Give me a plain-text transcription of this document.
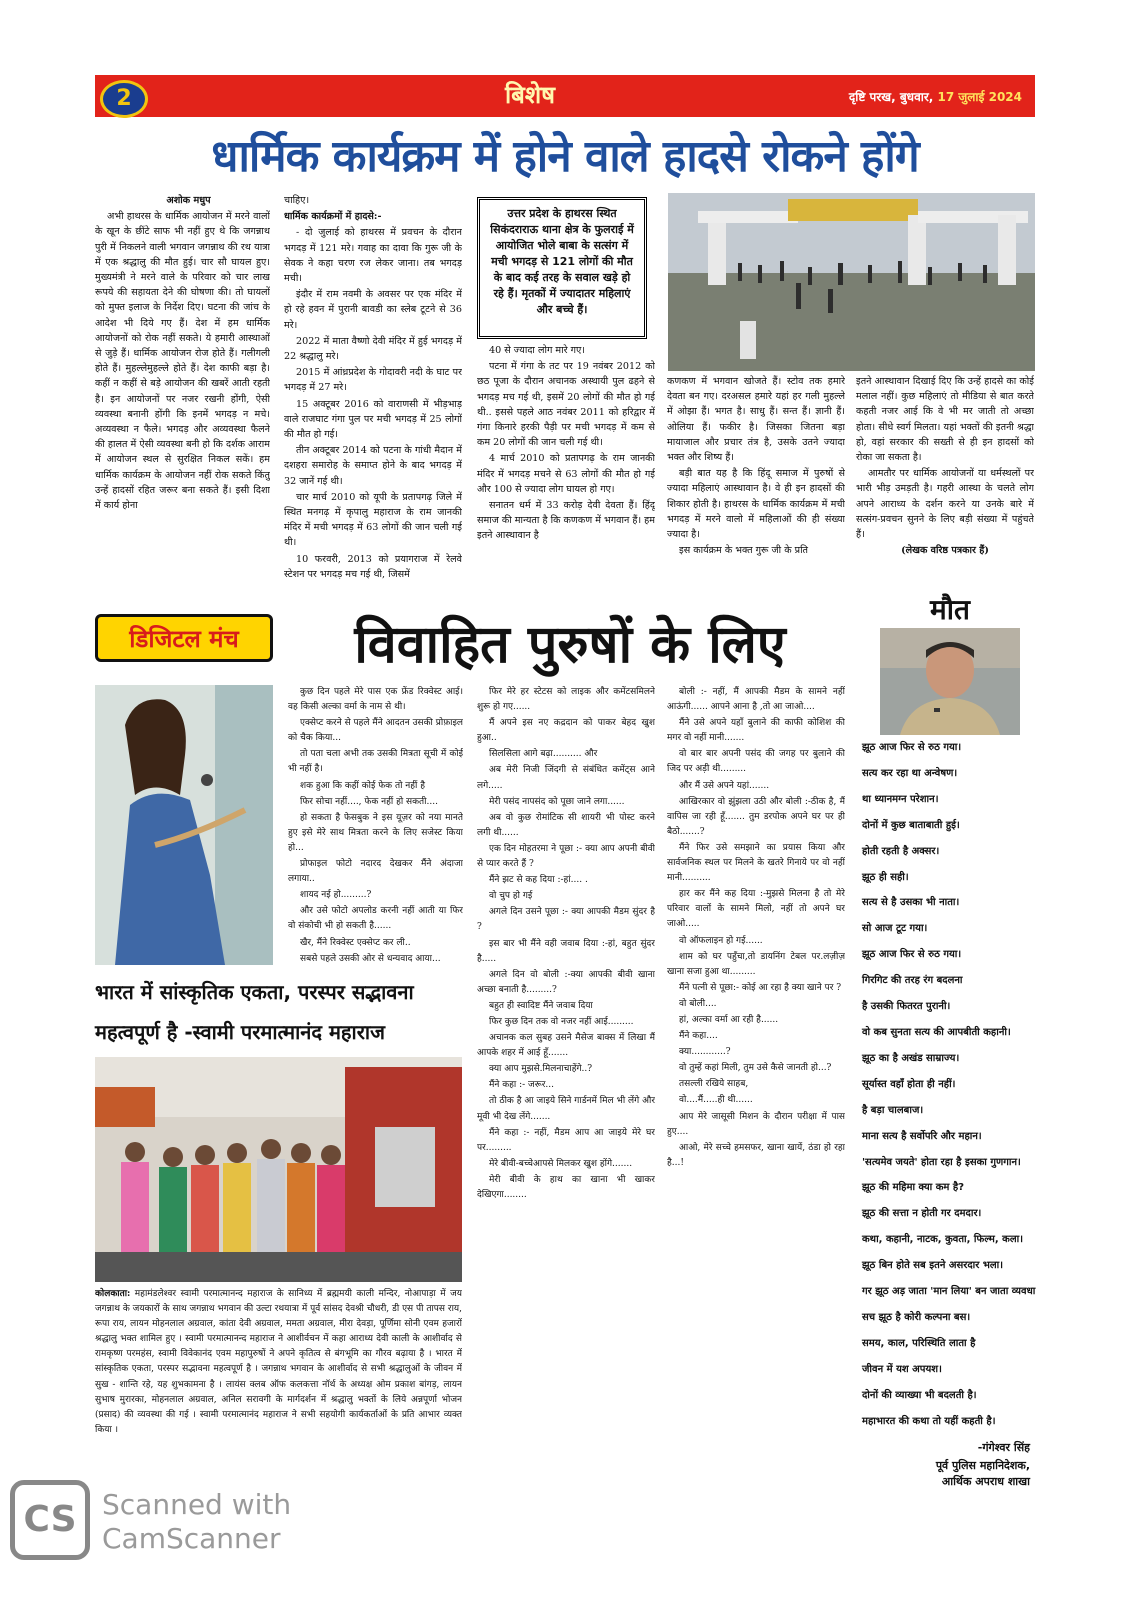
2	बिशेष	दृष्टि परख, बुधवार, 17 जुलाई 2024
धार्मिक कार्यक्रम में होने वाले हादसे रोकने होंगे

अशोक मधुप

अभी हाथरस के धार्मिक आयोजन में मरने वालों के खून के छींटे साफ भी नहीं हुए थे कि जगन्नाथ पुरी में निकलने वाली भगवान जगन्नाथ की रथ यात्रा में एक श्रद्धालु की मौत हुई। चार सौ घायल हुए। मुख्यमंत्री ने मरने वाले के परिवार को चार लाख रूपये की सहायता देने की घोषणा की। तो घायलों को मुफ्त इलाज के निर्देश दिए। घटना की जांच के आदेश भी दिये गए हैं। देश में हम धार्मिक आयोजनों को रोक नहीं सकते। ये हमारी आस्थाओं से जुड़े हैं। धार्मिक आयोजन रोज होते हैं। गलीगली होते हैं। मुहल्लेमुहल्ले होते हैं। देश काफी बड़ा है। कहीं न कहीं से बड़े आयोजन की खबरें आती रहती है। इन आयोजनों पर नजर रखनी होंगी, ऐसी व्यवस्था बनानी होंगी कि इनमें भगदड़ न मचे। अव्यवस्था न फैले। भगदड़ और अव्यवस्था फैलने की हालत में ऐसी व्यवस्था बनी हो कि दर्शक आराम में आयोजन स्थल से सुरक्षित निकल सकें। हम धार्मिक कार्यक्रम के आयोजन नहीं रोक सकते किंतु उन्हें हादसों रहित जरूर बना सकते हैं। इसी दिशा में कार्य होना

चाहिए।

धार्मिक कार्यक्रमों में हादसे:-

- दो जुलाई को हाथरस में प्रवचन के दौरान भगदड़ में 121 मरे। गवाह का दावा कि गुरू जी के सेवक ने कहा चरण रज लेकर जाना। तब भगदड़ मची।

इंदौर में राम नवमी के अवसर पर एक मंदिर में हो रहे हवन में पुरानी बावडी का स्लेब टूटने से 36 मरे।

2022 में माता वैष्णो देवी मंदिर में हुई भगदड़ में 22 श्रद्धालु मरे।

2015 में आंध्रप्रदेश के गोदावरी नदी के घाट पर भगदड़ में 27 मरे।

15 अक्टूबर 2016 को वाराणसी में भीड़भाड़ वाले राजघाट गंगा पुल पर मची भगदड़ में 25 लोगों की मौत हो गई।

तीन अक्टूबर 2014 को पटना के गांधी मैदान में दशहरा समारोह के समाप्त होने के बाद भगदड़ में 32 जानें गई थी।

चार मार्च 2010 को यूपी के प्रतापगढ़ जिले में स्थित मनगढ़ में कृपालु महाराज के राम जानकी मंदिर में मची भगदड़ में 63 लोगों की जान चली गई थी।

10 फरवरी, 2013 को प्रयागराज में रेलवे स्टेशन पर भगदड़ मच गई थी, जिसमें

उत्तर प्रदेश के हाथरस स्थित सिकंदराराऊ थाना क्षेत्र के फुलराई में आयोजित भोले बाबा के सत्संग में मची भगदड़ से 121 लोगों की मौत के बाद कई तरह के सवाल खड़े हो रहे हैं। मृतकों में ज्यादातर महिलाएं और बच्चे हैं।

40 से ज्यादा लोग मारे गए।

पटना में गंगा के तट पर 19 नवंबर 2012 को छठ पूजा के दौरान अचानक अस्थायी पुल ढहने से भगदड़ मच गई थी, इसमें 20 लोगों की मौत हो गई थी.. इससे पहले आठ नवंबर 2011 को हरिद्वार में गंगा किनारे हरकी पैड़ी पर मची भगदड़ में कम से कम 20 लोगों की जान चली गई थी।

4 मार्च 2010 को प्रतापगढ़ के राम जानकी मंदिर में भगदड़ मचने से 63 लोगों की मौत हो गई और 100 से ज्यादा लोग घायल हो गए।

सनातन धर्म में 33 करोड़ देवी देवता हैं। हिंदू समाज की मान्यता है कि कणकण में भगवान हैं। हम इतने आस्थावान है

कणकण में भगवान खोजते हैं। स्टोव तक हमारे देवता बन गए। दरअसल हमारे यहां हर गली मुहल्ले में ओझा हैं। भगत है। साधु हैं। सन्त हैं। ज्ञानी हैं। ओलिया हैं। फकीर है। जिसका जितना बड़ा मायाजाल और प्रचार तंत्र है, उसके उतने ज्यादा भक्त और शिष्य हैं।

बड़ी बात यह है कि हिंदू समाज में पुरुषों से ज्यादा महिलाएं आस्थावान है। वे ही इन हादसों की शिकार होती है। हाथरस के धार्मिक कार्यक्रम में मची भगदड़ में मरने वालो में महिलाओं की ही संख्या ज्यादा है।

इस कार्यक्रम के भक्त गुरू जी के प्रति

इतने आस्थावान दिखाई दिए कि उन्हें हादसे का कोई मलाल नहीं। कुछ महिलाएं तो मीडिया से बात करते कहती नजर आई कि वे भी मर जाती तो अच्छा होता। सीधे स्वर्ग मिलता। यहां भक्तों की इतनी श्रद्धा हो, वहां सरकार की सख्ती से ही इन हादसों को रोका जा सकता है।

आमतौर पर धार्मिक आयोजनों या धर्मस्थलों पर भारी भीड़ उमड़ती है। गहरी आस्था के चलते लोग अपने आराध्य के दर्शन करने या उनके बारे में सत्संग-प्रवचन सुनने के लिए बड़ी संख्या में पहुंचते हैं।

(लेखक वरिष्ठ पत्रकार हैं)

डिजिटल मंच	विवाहित पुरुषों के लिए
मौत

कुछ दिन पहले मेरे पास एक फ्रेंड रिक्वेस्ट आई। वह किसी अल्का वर्मा के नाम से थी।

एक्सेप्ट करने से पहले मैंने आदतन उसकी प्रोफ़ाइल को चैक किया...

तो पता चला अभी तक उसकी मित्रता सूची में कोई भी नहीं है।

शक हुआ कि कहीं कोई फेक तो नहीं है

फिर सोचा नहीं...., फेक नहीं हो सकती....

हो सकता है फेसबुक ने इस यूज़र को नया मानते हुए इसे मेरे साथ मित्रता करने के लिए सजेस्ट किया हो...

प्रोफाइल फोटो नदारद देखकर मैंने अंदाजा लगाया..

शायद नई हो.........?

और उसे फोटो अपलोड करनी नहीं आती या फिर वो संकोची भी हो सकती है......

खैर, मैंने रिक्वेस्ट एक्सेप्ट कर ली..

सबसे पहले उसकी ओर से धन्यवाद आया...

फिर मेरे हर स्टेटस को लाइक और कमेंटसमिलने शुरू हो गए......

मैं अपने इस नए कद्रदान को पाकर बेहद खुश हुआ..

सिलसिला आगे बढ़ा.......... और

अब मेरी निजी जिंदगी से संबंधित कमेंट्स आने लगे.....

मेरी पसंद नापसंद को पूछा जाने लगा......

अब वो कुछ रोमांटिक सी शायरी भी पोस्ट करने लगी थी......

एक दिन मोहतरमा ने पूछा :- क्या आप अपनी बीवी से प्यार करते हैं ?

मैंने झट से कह दिया :-हां.... .

वो चुप हो गई

अगले दिन उसने पूछा :- क्या आपकी मैडम सुंदर है ?

इस बार भी मैंने वही जवाब दिया :-हां, बहुत सुंदर है.....

अगले दिन वो बोली :-क्या आपकी बीवी खाना अच्छा बनाती है.........?

बहुत ही स्वादिष्ट मैंने जवाब दिया

फिर कुछ दिन तक वो नजर नहीं आई.........

अचानक कल सुबह उसने मैसेज बाक्स में लिखा मैं आपके शहर में आई हूँ.......

क्या आप मुझसे.मिलनाचाहेंगे..?

मैंने कहा :- जरूर...

तो ठीक है आ जाइये सिने गार्डनमें मिल भी लेंगे और मूवी भी देख लेंगे.......

मैंने कहा :- नहीं, मैडम आप आ जाइये मेरे घर पर.........

मेरे बीवी-बच्चेआपसे मिलकर खुश होंगे.......

मेरी बीवी के हाथ का खाना भी खाकर देखिएगा........

बोली :- नहीं, मैं आपकी मैडम के सामने नहीं आऊंगी...... आपने आना है ,तो आ जाओ....

मैंने उसे अपने यहाँ बुलाने की काफी कोशिश की मगर वो नहीं मानी.......

वो बार बार अपनी पसंद की जगह पर बुलाने की जिद पर अड़ी थी.........

और मैं उसे अपने यहां.......

आखिरकार वो झुंझला उठी और बोली :-ठीक है, मैं वापिस जा रही हूँ....... तुम डरपोक अपने घर पर ही बैठो.......?

मैंने फिर उसे समझाने का प्रयास किया और सार्वजनिक स्थल पर मिलने के खतरे गिनाये पर वो नहीं मानी..........

हार कर मैंने कह दिया :-मुझसे मिलना है तो मेरे परिवार वालों के सामने मिलो, नहीं तो अपने घर जाओ.....

वो ऑफलाइन हो गई......

शाम को घर पहुँचा,तो डायनिंग टेबल पर.लज़ीज़ खाना सजा हुआ था.........

मैंने पत्नी से पूछा:- कोई आ रहा है क्या खाने पर ?

वो बोली....

हां, अल्का वर्मा आ रही है......

मैंने कहा....

क्या............?

वो तुम्हें कहां मिली, तुम उसे कैसे जानती हो...?

तसल्ली रखिये साहब,

वो....मैं.....ही थी......

आप मेरे जासूसी मिशन के दौरान परीक्षा में पास हुए....

आओ, मेरे सच्चे हमसफर, खाना खायें, ठंडा हो रहा है...!

झूठ आज फिर से रुठ गया।
सत्य कर रहा था अन्वेषण।
था ध्यानमग्न परेशान।
दोनों में कुछ बाताबाती हुई।
होती रहती है अक्सर।
झूठ ही सही।
सत्य से है उसका भी नाता।
सो आज टूट गया।
झूठ आज फिर से रुठ गया।
गिरगिट की तरह रंग बदलना
है उसकी फितरत पुरानी।
वो कब सुनता सत्य की आपबीती कहानी।
झूठ का है अखंड साम्राज्य।
सूर्यास्त वहाँ होता ही नहीं।
है बड़ा चालबाज।
माना सत्य है सर्वोपरि और महान।
'सत्यमेव जयते' होता रहा है इसका गुणगान।
झूठ की महिमा क्या कम है?
झूठ की सत्ता न होती गर दमदार।
कथा, कहानी, नाटक, कुवता, फिल्म, कला।
झूठ बिन होते सब इतने असरदार भला।
गर झूठ अड़ जाता 'मान लिया' बन जाता व्यवधा
सच झूठ है कोरी कल्पना बस।
समय, काल, परिस्थिति लाता है
जीवन में यश अपयश।
दोनों की व्याख्या भी बदलती है।
महाभारत की कथा तो यहीं कहती है।
-गंगेश्वर सिंह
पूर्व पुलिस महानिदेशक,
आर्थिक अपराध शाखा
भारत में सांस्कृतिक एकता, परस्पर सद्भावना
महत्वपूर्ण है -स्वामी परमात्मानंद महाराज

कोलकाता: महामंडलेश्वर स्वामी परमात्मानन्द महाराज के सानिध्य में ब्रह्ममयी काली मन्दिर, नोआपाड़ा में जय जगन्नाथ के जयकारों के साथ जगन्नाथ भगवान की उल्टा रथयात्रा में पूर्व सांसद देवश्री चौधरी, डी एस पी तापस राय, रूपा राय, लायन मोहनलाल अग्रवाल, कांता देवी अग्रवाल, ममता अग्रवाल, मीरा देवड़ा, पूर्णिमा सोनी एवम हजारों श्रद्धालु भक्त शामिल हुए । स्वामी परमात्मानन्द महाराज ने आशीर्वचन में कहा आराध्य देवी काली के आशीर्वाद से रामकृष्ण परमहंस, स्वामी विवेकानंद एवम महापुरुषों ने अपने कृतित्व से बंगभूमि का गौरव बढ़ाया है । भारत में सांस्कृतिक एकता, परस्पर सद्भावना महत्वपूर्ण है । जगन्नाथ भगवान के आशीर्वाद से सभी श्रद्धालुओं के जीवन में सुख - शान्ति रहे, यह शुभकामना है । लायंस क्लब ऑफ कलकत्ता नॉर्थ के अध्यक्ष ओम प्रकाश बांगड़, लायन सुभाष मुरारका, मोहनलाल अग्रवाल, अनिल सरावगी के मार्गदर्शन में श्रद्धालु भक्तों के लिये अन्नपूर्णा भोजन (प्रसाद) की व्यवस्था की गई । स्वामी परमात्मानंद महाराज ने सभी सहयोगी कार्यकर्ताओं के प्रति आभार व्यक्त किया ।

CS Scanned with
CamScanner
